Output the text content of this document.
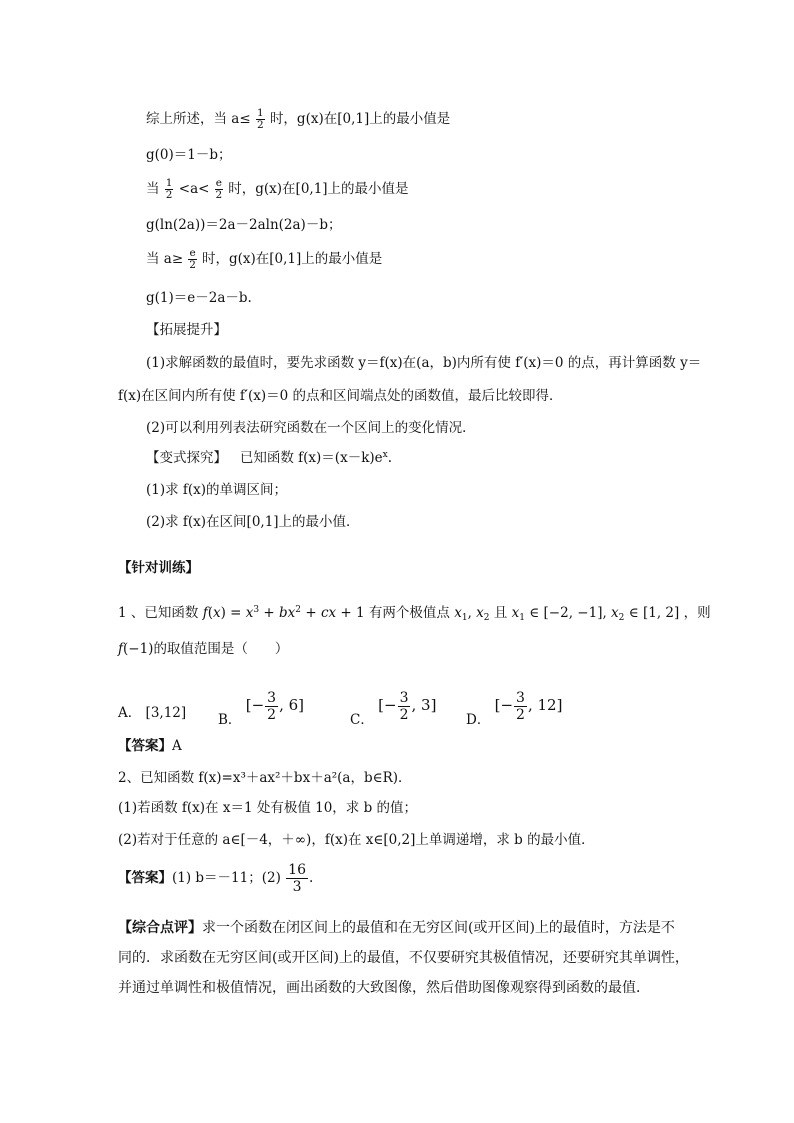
综上所述，当 $a\le \frac{1}{2}$ 时，g(x)在[0,1]上的最小值是
g(0)＝1－b；
当 $\frac{1}{2} <a< \frac{e}{2}$ 时，g(x)在[0,1]上的最小值是
g(ln(2a))＝2a－2aln(2a)－b；
当 $a\ge \frac{e}{2}$ 时，g(x)在[0,1]上的最小值是
g(1)＝e－2a－b.
【拓展提升】
(1)求解函数的最值时，要先求函数 y＝f(x)在(a，b)内所有使 f′(x)＝0 的点，再计算函数 y＝
f(x)在区间内所有使 f′(x)＝0 的点和区间端点处的函数值，最后比较即得．
(2)可以利用列表法研究函数在一个区间上的变化情况．
【变式探究】 已知函数 $f(x)=(x-k)e^x$.
(1)求 f(x)的单调区间；
(2)求 f(x)在区间[0,1]上的最小值．
【针对训练】
1 、已知函数 $f(x) = x^3 + bx^2$ + cx + 1 有两个极值点 $x_1$, $x_2$ 且 $x_1$ ∈ [−2, −1], $x_2$ ∈ [1, 2] ，则
f(−1)的取值范围是（　　）
A． [3,12] B． [− $\frac{3}{2}$ , 6]
C． [− $\frac{3}{2}$ , 3]
D． [− $\frac{3}{2}$ , 12]
【答案】A
2、已知函数 f(x)=x³＋ax²＋bx＋a²(a，b∈R)．
(1)若函数 f(x)在 x＝1 处有极值 10，求 b 的值；
(2)若对于任意的 a∈[－4，＋∞)，f(x)在 x∈[0,2]上单调递增，求 b 的最小值．
【答案】(1) b＝－11；$(2) \frac{16}{3}$ .
【综合点评】求一个函数在闭区间上的最值和在无穷区间(或开区间)上的最值时，方法是不
同的．求函数在无穷区间(或开区间)上的最值，不仅要研究其极值情况，还要研究其单调性，
并通过单调性和极值情况，画出函数的大致图像，然后借助图像观察得到函数的最值．
